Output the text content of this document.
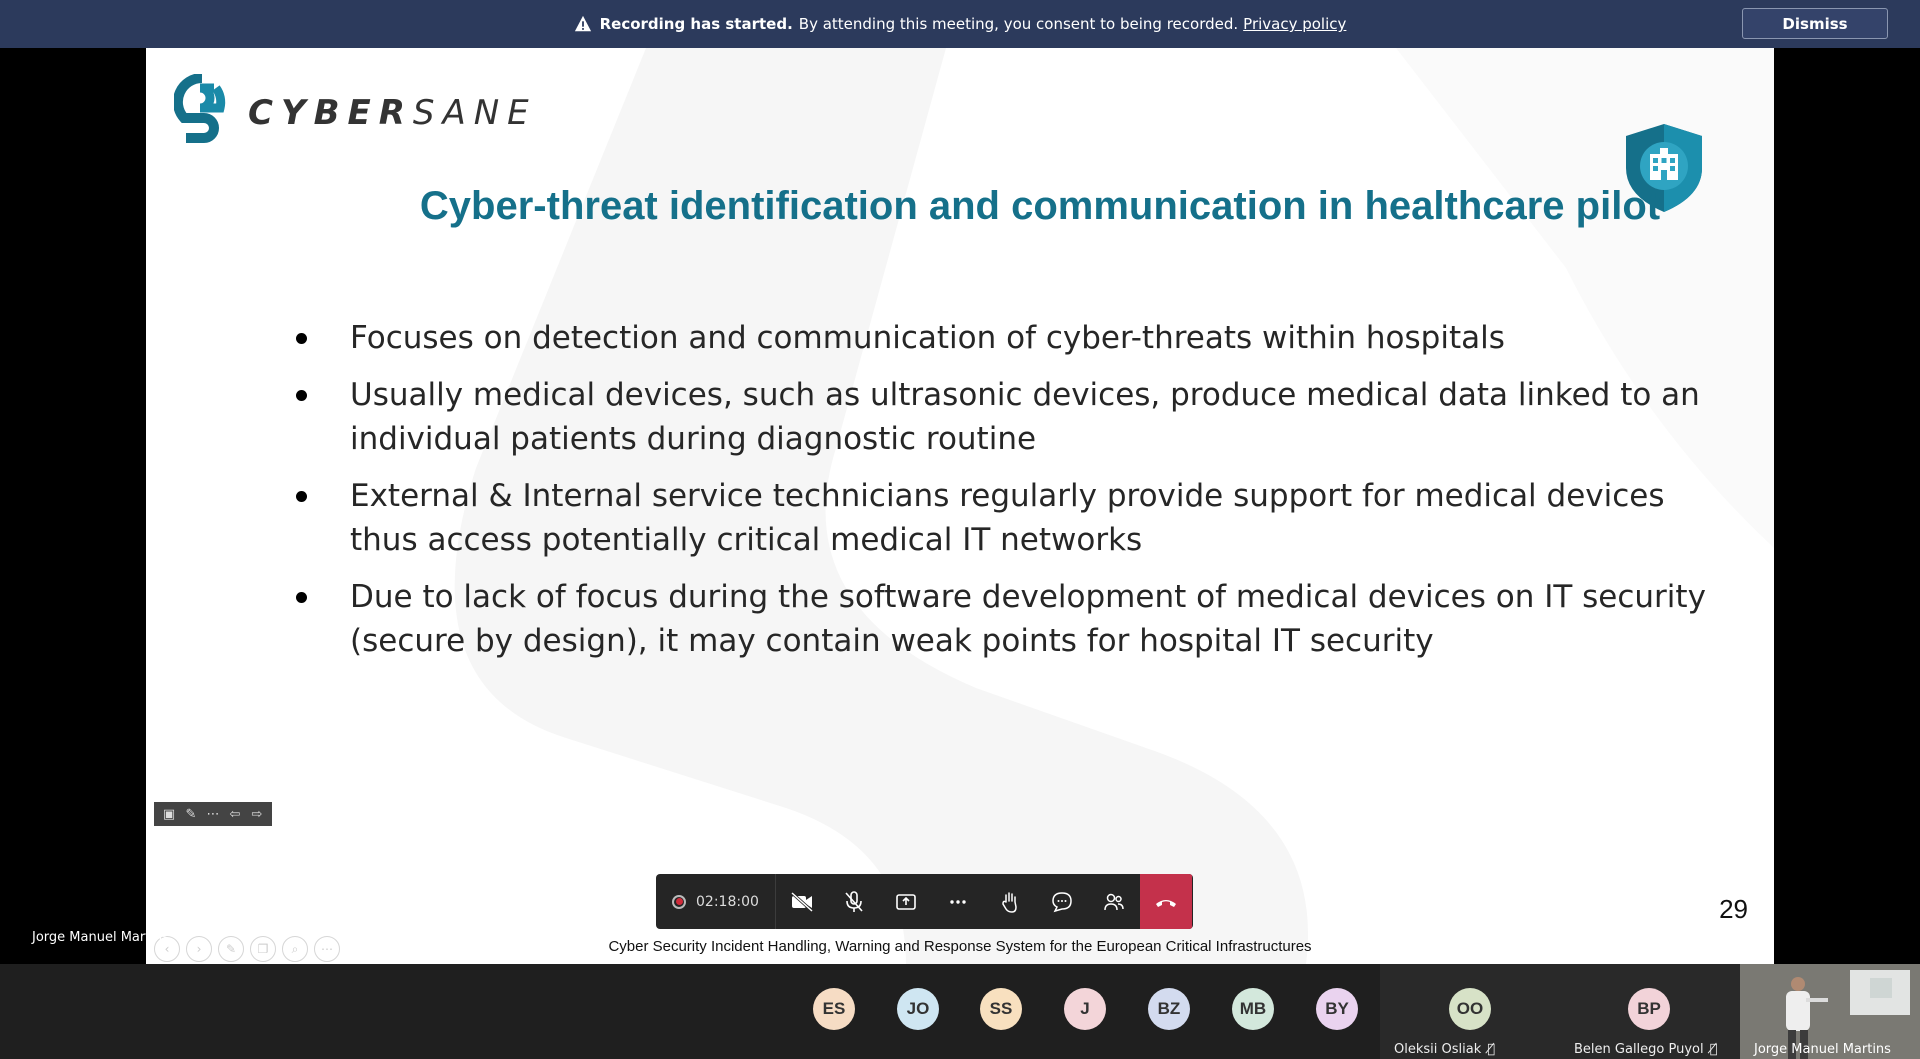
Recording has started. By attending this meeting, you consent to being recorded. Privacy policy	Dismiss
CYBERSANE
Cyber-threat identification and communication in healthcare pilot
Focuses on detection and communication of cyber-threats within hospitals
Usually medical devices, such as ultrasonic devices, produce medical data linked to an individual patients during diagnostic routine
External & Internal service technicians regularly provide support for medical devices thus access potentially critical medical IT networks
Due to lack of focus during the software development of medical devices on IT security (secure by design), it may contain weak points for hospital IT security
▣ ✎ ⋯ ⇦ ⇨
‹	›	✎	❐	⌕	⋯
29
Cyber Security Incident Handling, Warning and Response System for the European Critical Infrastructures
Jorge Manuel Martins
02:18:00
ES	JO	SS	J	BZ	MB	BY
Oleksii Osliak 🎙̸
OO
Belen Gallego Puyol 🎙̸
BP
Jorge Manuel Martins
